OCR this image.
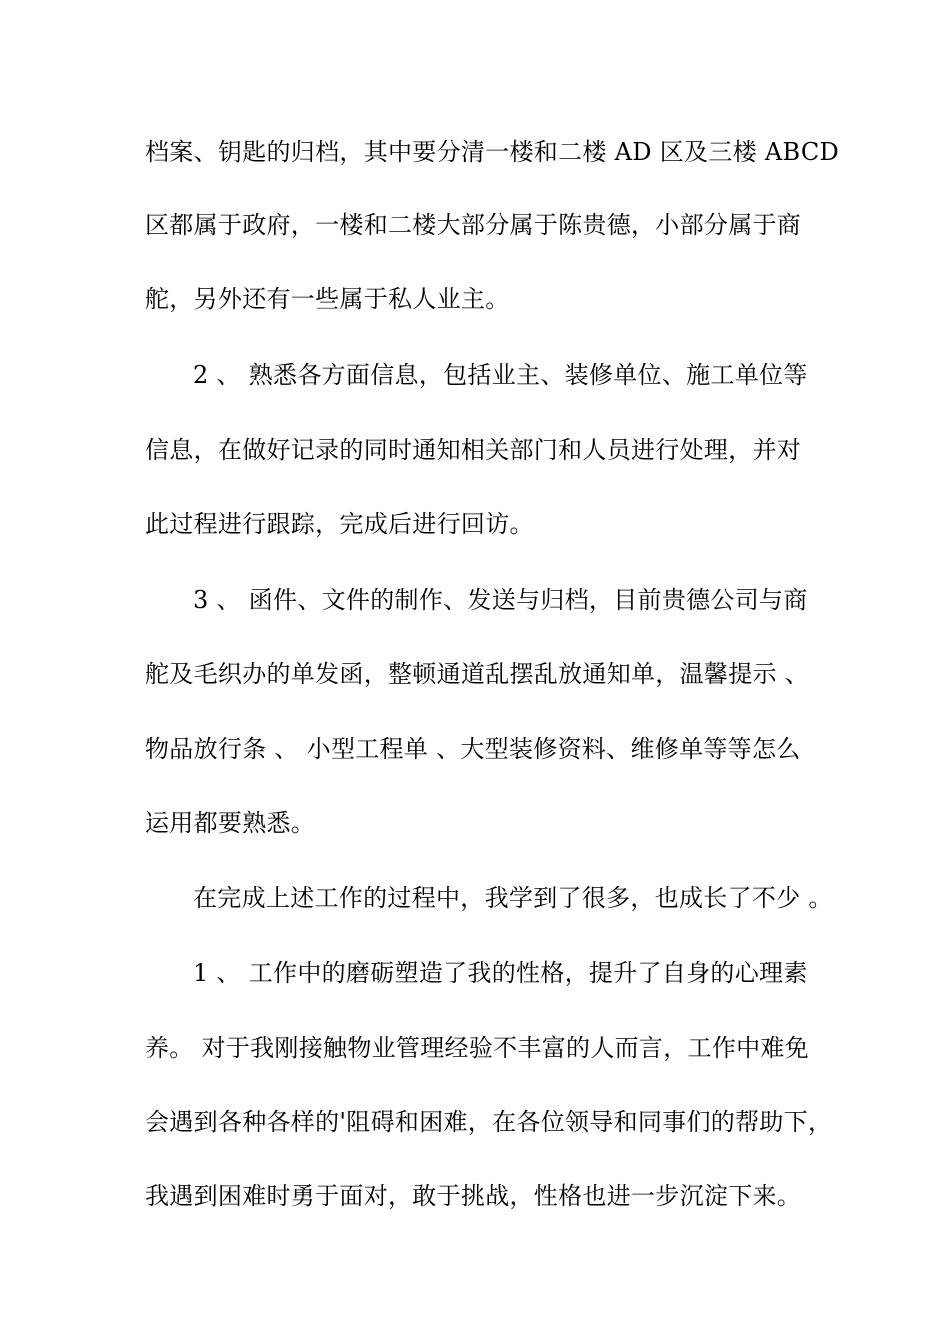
档案、钥匙的归档，其中要分清一楼和二楼 AD 区及三楼 ABCD
区都属于政府，一楼和二楼大部分属于陈贵德，小部分属于商
舵，另外还有一些属于私人业主。
2 、 熟悉各方面信息，包括业主、装修单位、施工单位等
信息，在做好记录的同时通知相关部门和人员进行处理，并对
此过程进行跟踪，完成后进行回访。
3 、 函件、文件的制作、发送与归档，目前贵德公司与商
舵及毛织办的单发函，整顿通道乱摆乱放通知单，温馨提示 、
物品放行条 、 小型工程单 、大型装修资料、维修单等等怎么
运用都要熟悉。
在完成上述工作的过程中，我学到了很多，也成长了不少 。
1 、 工作中的磨砺塑造了我的性格，提升了自身的心理素
养。 对于我刚接触物业管理经验不丰富的人而言，工作中难免
会遇到各种各样的'阻碍和困难，在各位领导和同事们的帮助下，
我遇到困难时勇于面对，敢于挑战，性格也进一步沉淀下来。
